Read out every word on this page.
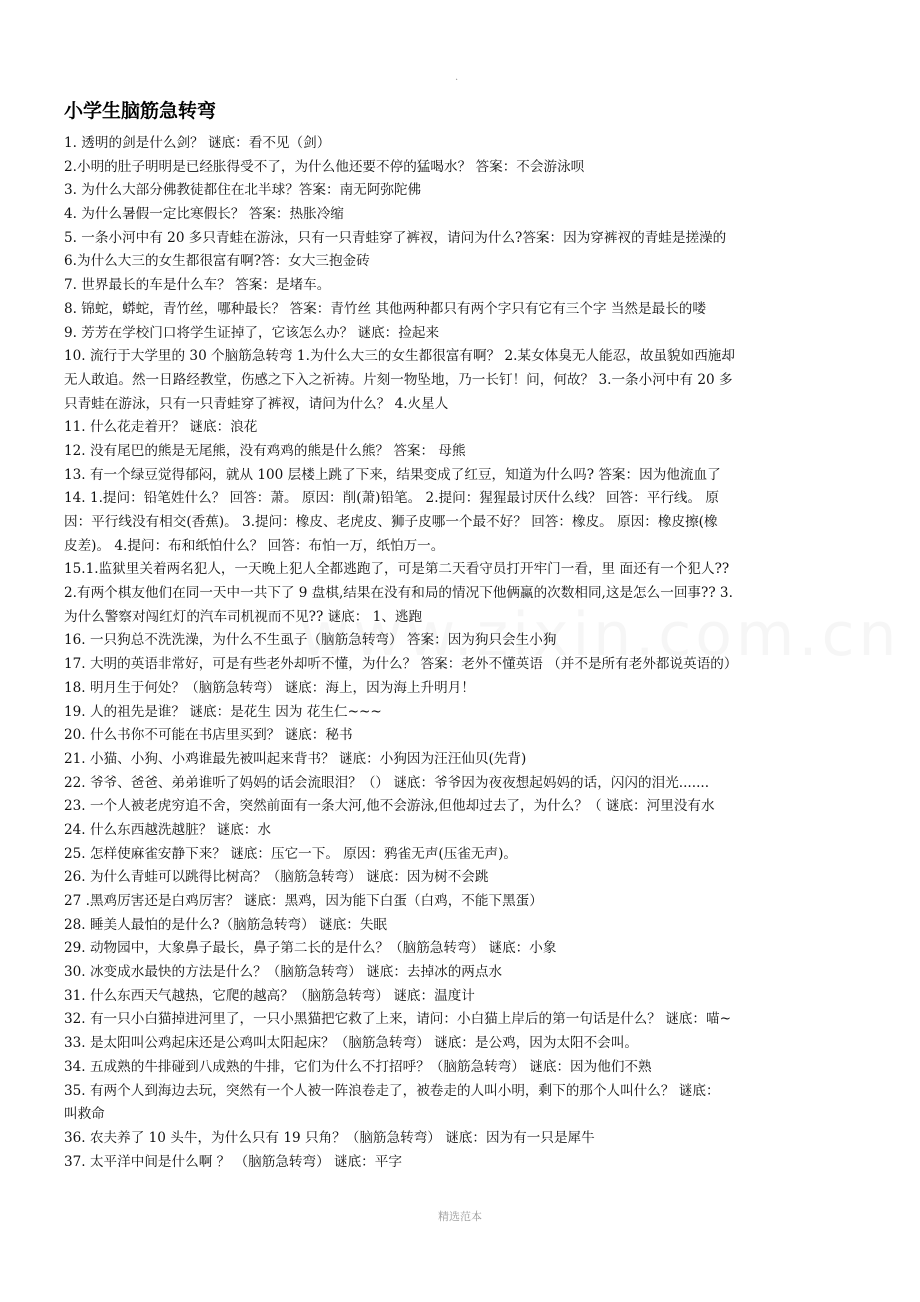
.
小学生脑筋急转弯
1. 透明的剑是什么剑？ 谜底：看不见（剑）
2.小明的肚子明明是已经胀得受不了，为什么他还要不停的猛喝水？ 答案：不会游泳呗
3. 为什么大部分佛教徒都住在北半球？答案：南无阿弥陀佛
4. 为什么暑假一定比寒假长？ 答案：热胀冷缩
5. 一条小河中有 20 多只青蛙在游泳，只有一只青蛙穿了裤衩，请问为什么?答案：因为穿裤衩的青蛙是搓澡的
6.为什么大三的女生都很富有啊?答：女大三抱金砖
7. 世界最长的车是什么车？ 答案：是堵车。
8. 锦蛇，蟒蛇，青竹丝，哪种最长？ 答案：青竹丝 其他两种都只有两个字只有它有三个字 当然是最长的喽
9. 芳芳在学校门口将学生证掉了，它该怎么办？ 谜底：捡起来
10. 流行于大学里的 30 个脑筋急转弯 1.为什么大三的女生都很富有啊？ 2.某女体臭无人能忍，故虽貌如西施却
无人敢追。然一日路经教堂，伤感之下入之祈祷。片刻一物坠地，乃一长钉！问，何故？ 3.一条小河中有 20 多
只青蛙在游泳，只有一只青蛙穿了裤衩，请问为什么？ 4.火星人
11. 什么花走着开？ 谜底：浪花
12. 没有尾巴的熊是无尾熊，没有鸡鸡的熊是什么熊？ 答案： 母熊
13. 有一个绿豆觉得郁闷，就从 100 层楼上跳了下来，结果变成了红豆，知道为什么吗? 答案：因为他流血了
14. 1.提问：铅笔姓什么？ 回答：萧。 原因：削(萧)铅笔。 2.提问：猩猩最讨厌什么线？ 回答：平行线。 原
因：平行线没有相交(香蕉)。 3.提问：橡皮、老虎皮、狮子皮哪一个最不好？ 回答：橡皮。 原因：橡皮擦(橡
皮差)。 4.提问：布和纸怕什么？ 回答：布怕一万，纸怕万一。
15.1.监狱里关着两名犯人，一天晚上犯人全都逃跑了，可是第二天看守员打开牢门一看，里 面还有一个犯人??
2.有两个棋友他们在同一天中一共下了 9 盘棋,结果在没有和局的情况下他俩赢的次数相同,这是怎么一回事?? 3.
为什么警察对闯红灯的汽车司机视而不见?? 谜底： 1、逃跑
16. 一只狗总不洗洗澡，为什么不生虱子（脑筋急转弯） 答案：因为狗只会生小狗
17. 大明的英语非常好，可是有些老外却听不懂，为什么？ 答案：老外不懂英语 （并不是所有老外都说英语的）
18. 明月生于何处？（脑筋急转弯） 谜底：海上，因为海上升明月！
19. 人的祖先是谁？ 谜底：是花生 因为 花生仁~~~
20. 什么书你不可能在书店里买到？ 谜底：秘书
21. 小猫、小狗、小鸡谁最先被叫起来背书？ 谜底：小狗因为汪汪仙贝(先背)
22. 爷爷、爸爸、弟弟谁听了妈妈的话会流眼泪？（） 谜底：爷爷因为夜夜想起妈妈的话，闪闪的泪光.......
23. 一个人被老虎穷追不舍，突然前面有一条大河,他不会游泳,但他却过去了，为什么？（ 谜底：河里没有水
24. 什么东西越洗越脏？ 谜底：水
25. 怎样使麻雀安静下来？ 谜底：压它一下。 原因：鸦雀无声(压雀无声)。
26. 为什么青蛙可以跳得比树高？（脑筋急转弯） 谜底：因为树不会跳
27 .黑鸡厉害还是白鸡厉害？ 谜底：黑鸡，因为能下白蛋（白鸡，不能下黑蛋）
28. 睡美人最怕的是什么?（脑筋急转弯） 谜底：失眠
29. 动物园中，大象鼻子最长，鼻子第二长的是什么？（脑筋急转弯） 谜底：小象
30. 冰变成水最快的方法是什么？（脑筋急转弯） 谜底：去掉冰的两点水
31. 什么东西天气越热，它爬的越高？（脑筋急转弯） 谜底：温度计
32. 有一只小白猫掉进河里了，一只小黑猫把它救了上来，请问：小白猫上岸后的第一句话是什么？ 谜底：喵~
33. 是太阳叫公鸡起床还是公鸡叫太阳起床？（脑筋急转弯） 谜底：是公鸡，因为太阳不会叫。
34. 五成熟的牛排碰到八成熟的牛排，它们为什么不打招呼？（脑筋急转弯） 谜底：因为他们不熟
35. 有两个人到海边去玩，突然有一个人被一阵浪卷走了，被卷走的人叫小明，剩下的那个人叫什么？ 谜底：
叫救命
36. 农夫养了 10 头牛，为什么只有 19 只角？（脑筋急转弯） 谜底：因为有一只是犀牛
37. 太平洋中间是什么啊 ？ （脑筋急转弯） 谜底：平字
精选范本
